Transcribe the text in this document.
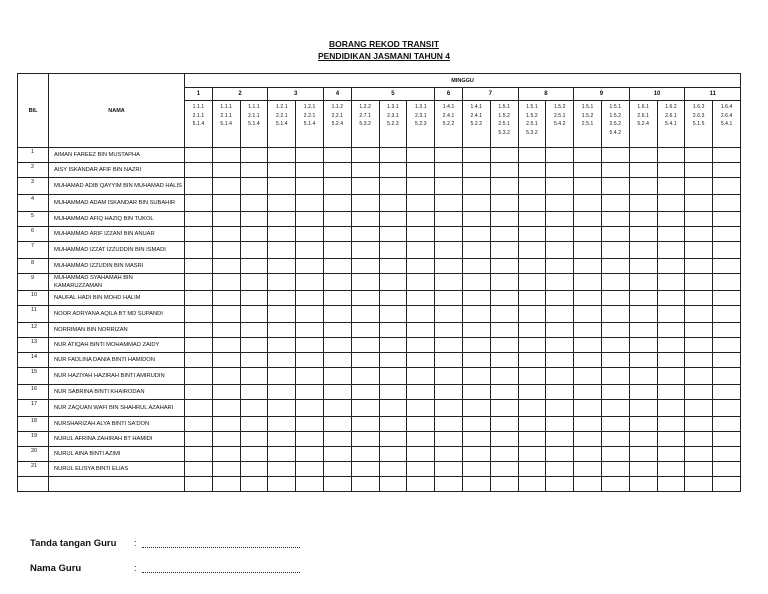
BORANG REKOD TRANSIT
PENDIDIKAN JASMANI TAHUN 4
BIL	NAMA	MINGGU																			
		1	2		3		4	5			6	7		8		9		10		11	
		1.1.1
2.1.1
5.1.4	1.1.1
2.1.1
5.1.4	1.1.1
2.1.1
5.1.4	1.2.1
2.2.1
5.1.4	1.2.1
2.2.1
5.1.4	1.1.2
2.2.1
5.2.4	1.2.2
2.7.1
5.3.2	1.3.1
2.3.1
5.2.3	1.3.1
2.3.1
5.2.3	1.4.1
2.4.1
5.2.2	1.4.1
2.4.1
5.2.2	1.5.1
1.5.2
2.5.1
5.3.2	1.5.1
1.5.2
2.5.1
5.3.2	1.5.2
2.5.1
5.4.2	1.5.1
1.5.2
2.5.1	1.5.1
1.5.2
2.5.2
5.4.2	1.6.1
2.6.1
5.2.4	1.6.2
2.6.1
5.4.1	1.6.3
2.6.3
5.1.5	1.6.4
2.6.4
5.4.1
1	AIMAN FAREEZ BIN MUSTAPHA																				
2	AISY ISKANDAR AFIF BIN NAZRI																				
3	MUHAMAD ADIB QAYYIM BIN MUHAMAD HALIS																				
4	MUHAMMAD ADAM ISKANDAR BIN SUBAHIR																				
5	MUHAMMAD AFIQ HAZIQ BIN TUKOL																				
6	MUHAMMAD ARIF IZZANI BIN ANUAR																				
7	MUHAMMAD IZZAT IZZUDDIN BIN ISMADI																				
8	MUHAMMAD IZZUDIN BIN MASRI																				
9	MUHAMMAD SYAHAMAH BIN KAMARUZZAMAN																				
10	NAUFAL HADI BIN MOHD HALIM																				
11	NOOR ADRYANA AQILA BT MD SUPANDI																				
12	NORRIMAN BIN NORRIZAN																				
13	NUR ATIQAH BINTI MOHAMMAD ZAIDY																				
14	NUR FADLINA DANIA BINTI HAMIDON																				
15	NUR HAZIYAH HAZIRAH BINTI AMIRUDIN																				
16	NUR SABRINA BINTI KHAIRODAN																				
17	NUR ZAQUAN WAFI BIN SHAHRUL AZAHARI																				
18	NURSHARIZAH ALYA BINTI SA'DON																				
19	NURUL AFRINA ZAHIRAH BT HAMIDI																				
20	NURUL AINA BINTI AZIMI																				
21	NURUL ELISYA BINTI ELIAS																				

Tanda tangan Guru :
Nama Guru	:
